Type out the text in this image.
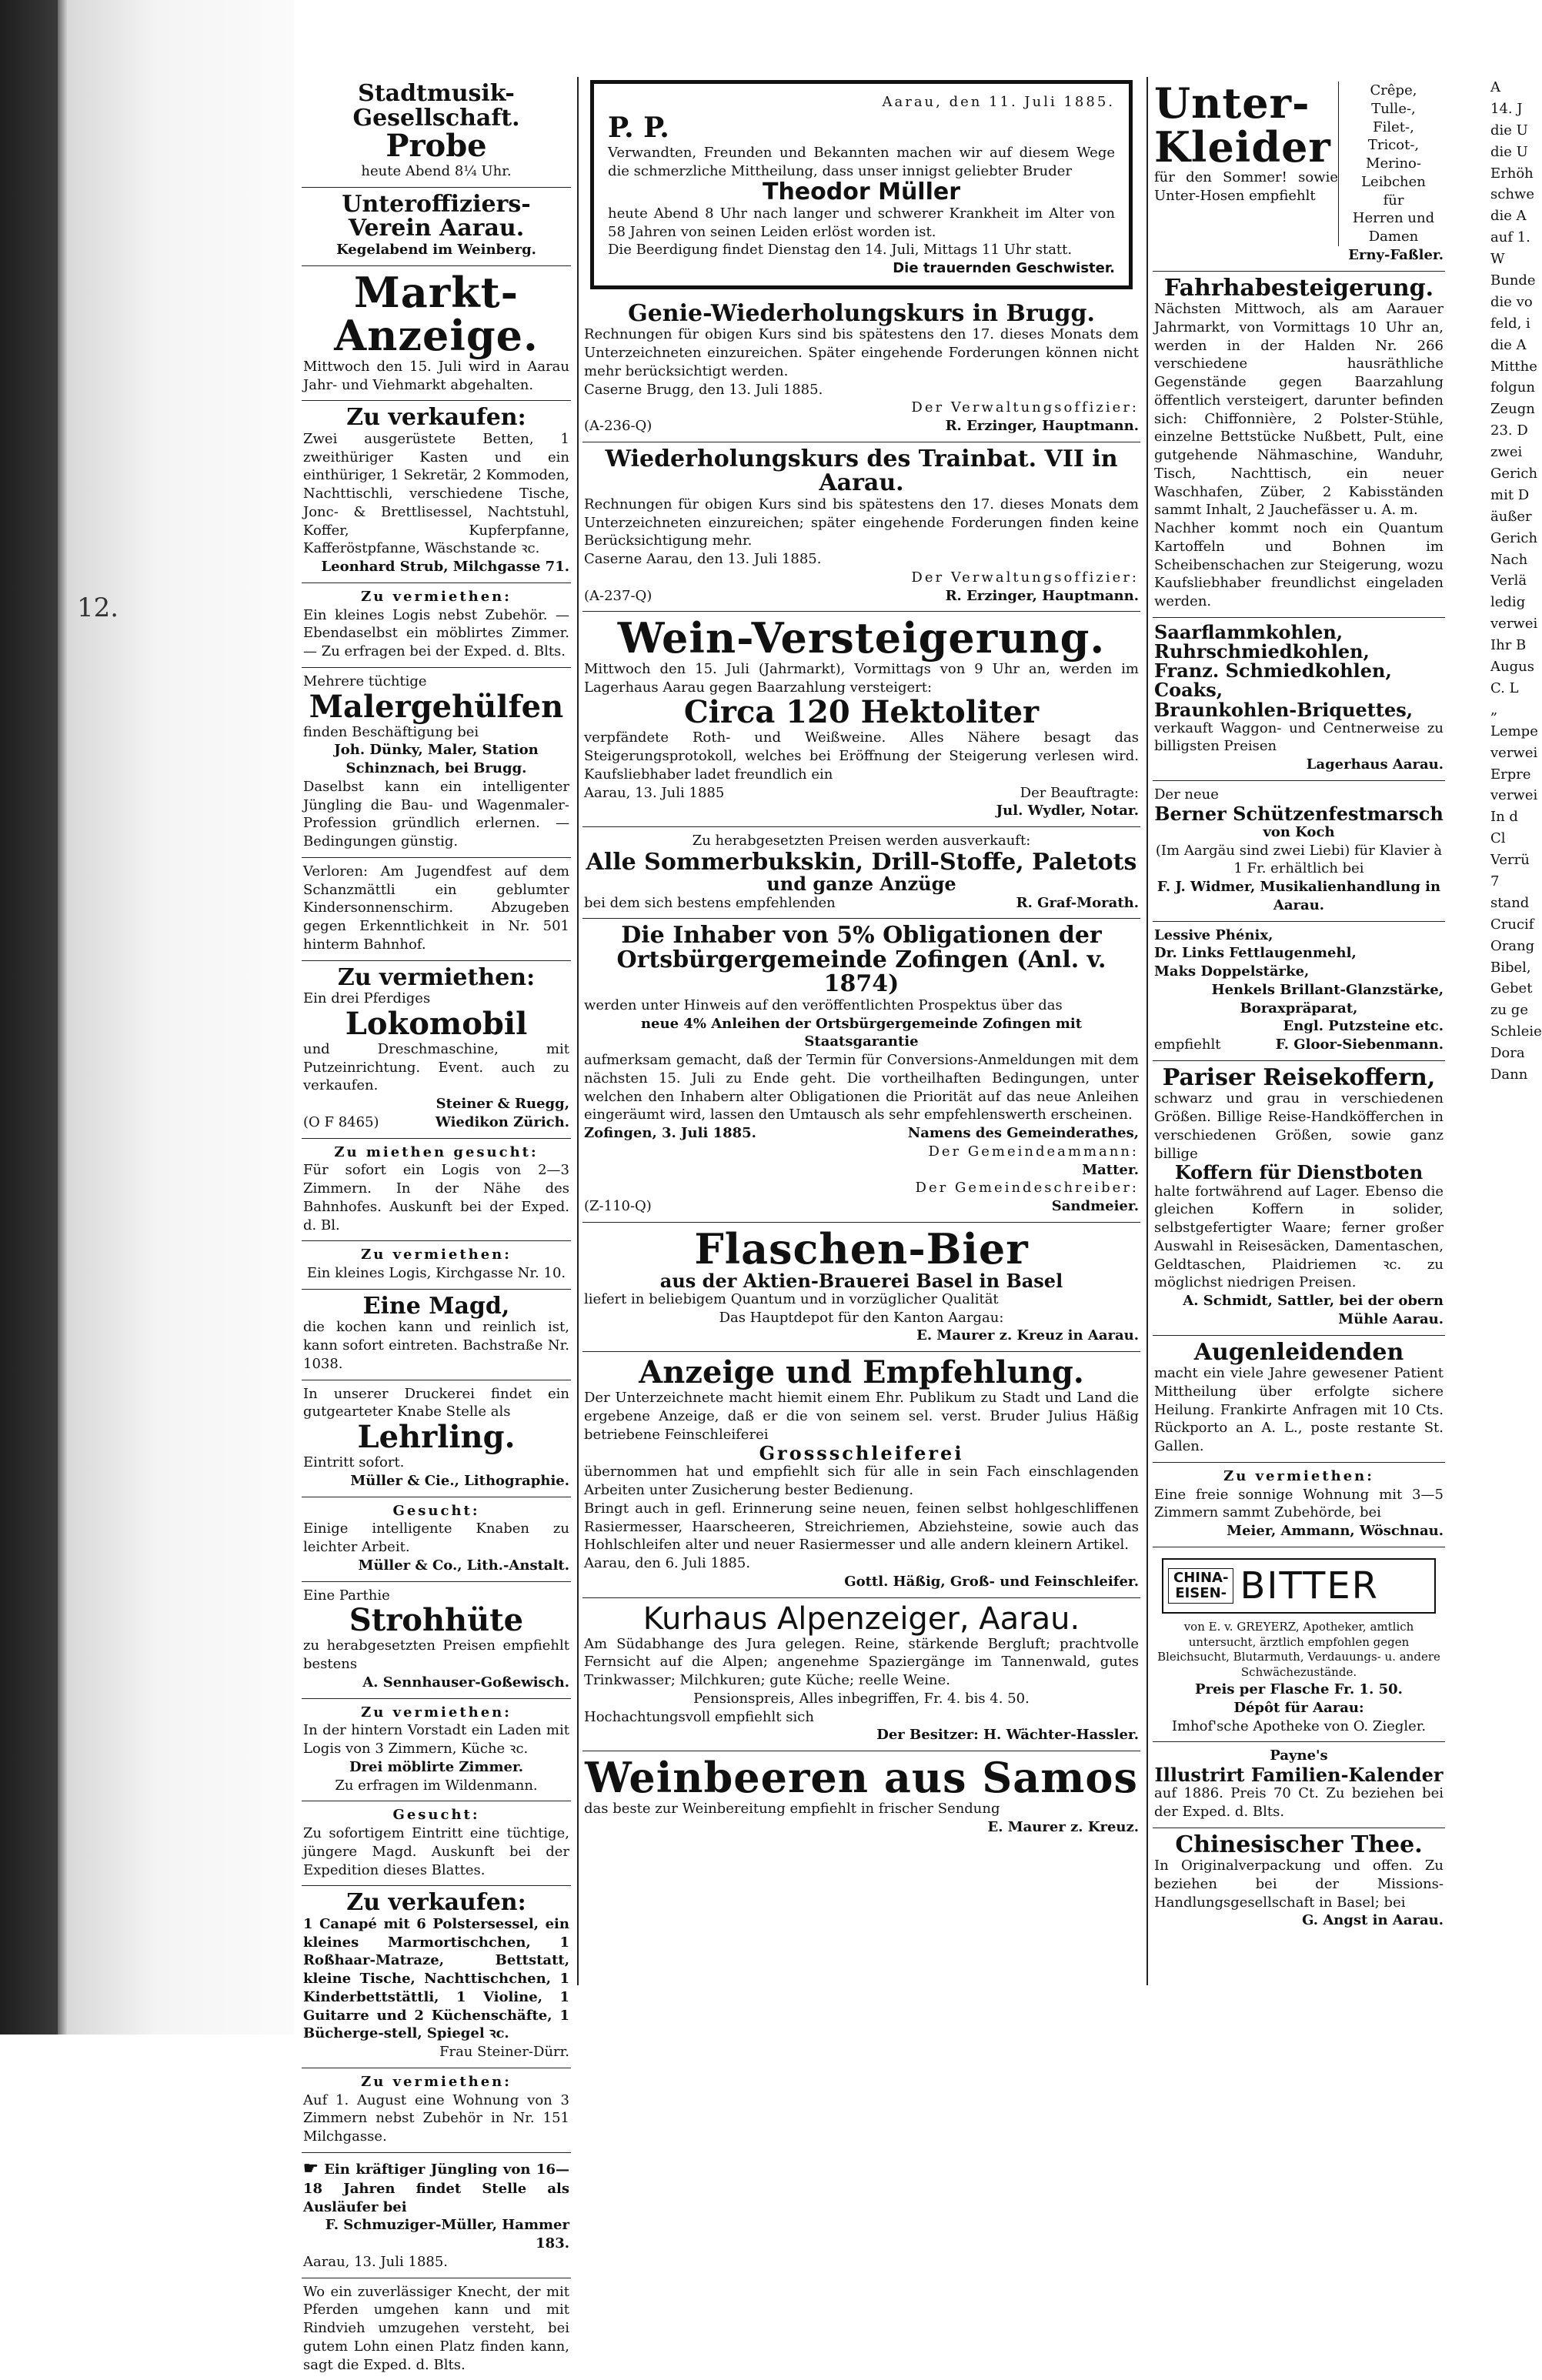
12.
Stadtmusik-Gesellschaft.
Probe
heute Abend 8¼ Uhr.
Unteroffiziers-Verein Aarau.
Kegelabend im Weinberg.
Markt-Anzeige.
Mittwoch den 15. Juli wird in Aarau Jahr- und Viehmarkt abgehalten.
Zu verkaufen:
Zwei ausgerüstete Betten, 1 zweithüriger Kasten und ein einthüriger, 1 Sekretär, 2 Kommoden, Nachttischli, verschiedene Tische, Jonc- & Brettlisessel, Nachtstuhl, Koffer, Kupferpfanne, Kafferöstpfanne, Wäschstande ꝛc.
Leonhard Strub, Milchgasse 71.
Zu vermiethen:
Ein kleines Logis nebst Zubehör. — Ebendaselbst ein möblirtes Zimmer. — Zu erfragen bei der Exped. d. Blts.
Mehrere tüchtige
Malergehülfen
finden Beschäftigung bei
Joh. Dünky, Maler, Station Schinznach, bei Brugg.
Daselbst kann ein intelligenter Jüngling die Bau- und Wagenmaler-Profession gründlich erlernen. — Bedingungen günstig.
Verloren: Am Jugendfest auf dem Schanzmättli ein geblumter Kindersonnenschirm. Abzugeben gegen Erkenntlichkeit in Nr. 501 hinterm Bahnhof.
Zu vermiethen:
Ein drei Pferdiges
Lokomobil
und Dreschmaschine, mit Putzeinrichtung. Event. auch zu verkaufen.
Steiner & Ruegg,
(O F 8465)	Wiedikon Zürich.
Zu miethen gesucht:
Für sofort ein Logis von 2—3 Zimmern. In der Nähe des Bahnhofes. Auskunft bei der Exped. d. Bl.
Zu vermiethen:
Ein kleines Logis, Kirchgasse Nr. 10.
Eine Magd,
die kochen kann und reinlich ist, kann sofort eintreten. Bachstraße Nr. 1038.
In unserer Druckerei findet ein gutgearteter Knabe Stelle als
Lehrling.
Eintritt sofort.
Müller & Cie., Lithographie.
Gesucht:
Einige intelligente Knaben zu leichter Arbeit.
Müller & Co., Lith.-Anstalt.
Eine Parthie
Strohhüte
zu herabgesetzten Preisen empfiehlt bestens
A. Sennhauser-Goßewisch.
Zu vermiethen:
In der hintern Vorstadt ein Laden mit Logis von 3 Zimmern, Küche ꝛc.
Drei möblirte Zimmer.
Zu erfragen im Wildenmann.
Gesucht:
Zu sofortigem Eintritt eine tüchtige, jüngere Magd. Auskunft bei der Expedition dieses Blattes.
Zu verkaufen:
1 Canapé mit 6 Polstersessel, ein kleines Marmortischchen, 1 Roßhaar-Matraze, Bettstatt, kleine Tische, Nachttischchen, 1 Kinderbettstättli, 1 Violine, 1 Guitarre und 2 Küchenschäfte, 1 Bücherge-stell, Spiegel ꝛc.
Frau Steiner-Dürr.
Zu vermiethen:
Auf 1. August eine Wohnung von 3 Zimmern nebst Zubehör in Nr. 151 Milchgasse.
☛ Ein kräftiger Jüngling von 16—18 Jahren findet Stelle als Ausläufer bei
F. Schmuziger-Müller, Hammer 183.
Aarau, 13. Juli 1885.
Wo ein zuverlässiger Knecht, der mit Pferden umgehen kann und mit Rindvieh umzugehen versteht, bei gutem Lohn einen Platz finden kann, sagt die Exped. d. Blts.
Aarau, den 11. Juli 1885.
P. P.
Verwandten, Freunden und Bekannten machen wir auf diesem Wege die schmerzliche Mittheilung, dass unser innigst geliebter Bruder
Theodor Müller
heute Abend 8 Uhr nach langer und schwerer Krankheit im Alter von 58 Jahren von seinen Leiden erlöst worden ist.
Die Beerdigung findet Dienstag den 14. Juli, Mittags 11 Uhr statt.
Die trauernden Geschwister.
Genie-Wiederholungskurs in Brugg.
Rechnungen für obigen Kurs sind bis spätestens den 17. dieses Monats dem Unterzeichneten einzureichen. Später eingehende Forderungen können nicht mehr berücksichtigt werden.
Caserne Brugg, den 13. Juli 1885.
Der Verwaltungsoffizier:
(A-236-Q)	R. Erzinger, Hauptmann.
Wiederholungskurs des Trainbat. VII in Aarau.
Rechnungen für obigen Kurs sind bis spätestens den 17. dieses Monats dem Unterzeichneten einzureichen; später eingehende Forderungen finden keine Berücksichtigung mehr.
Caserne Aarau, den 13. Juli 1885.
Der Verwaltungsoffizier:
(A-237-Q)	R. Erzinger, Hauptmann.
Wein-Versteigerung.
Mittwoch den 15. Juli (Jahrmarkt), Vormittags von 9 Uhr an, werden im Lagerhaus Aarau gegen Baarzahlung versteigert:
Circa 120 Hektoliter
verpfändete Roth- und Weißweine. Alles Nähere besagt das Steigerungsprotokoll, welches bei Eröffnung der Steigerung verlesen wird. Kaufsliebhaber ladet freundlich ein
Aarau, 13. Juli 1885	Der Beauftragte:
Jul. Wydler, Notar.
Zu herabgesetzten Preisen werden ausverkauft:
Alle Sommerbukskin, Drill-Stoffe, Paletots
und ganze Anzüge
bei dem sich bestens empfehlenden	R. Graf-Morath.
Die Inhaber von 5% Obligationen der Ortsbürgergemeinde Zofingen (Anl. v. 1874)
werden unter Hinweis auf den veröffentlichten Prospektus über das
neue 4% Anleihen der Ortsbürgergemeinde Zofingen mit Staatsgarantie
aufmerksam gemacht, daß der Termin für Conversions-Anmeldungen mit dem nächsten 15. Juli zu Ende geht. Die vortheilhaften Bedingungen, unter welchen den Inhabern alter Obligationen die Priorität auf das neue Anleihen eingeräumt wird, lassen den Umtausch als sehr empfehlenswerth erscheinen.
Zofingen, 3. Juli 1885.	Namens des Gemeinderathes,
Der Gemeindeammann:
Matter.
Der Gemeindeschreiber:
(Z-110-Q)	Sandmeier.
Flaschen-Bier
aus der Aktien-Brauerei Basel in Basel
liefert in beliebigem Quantum und in vorzüglicher Qualität
Das Hauptdepot für den Kanton Aargau:
E. Maurer z. Kreuz in Aarau.
Anzeige und Empfehlung.
Der Unterzeichnete macht hiemit einem Ehr. Publikum zu Stadt und Land die ergebene Anzeige, daß er die von seinem sel. verst. Bruder Julius Häßig betriebene Feinschleiferei
Grossschleiferei
übernommen hat und empfiehlt sich für alle in sein Fach einschlagenden Arbeiten unter Zusicherung bester Bedienung.
Bringt auch in gefl. Erinnerung seine neuen, feinen selbst hohlgeschliffenen Rasiermesser, Haarscheeren, Streichriemen, Abziehsteine, sowie auch das Hohlschleifen alter und neuer Rasiermesser und alle andern kleinern Artikel.
Aarau, den 6. Juli 1885.
Gottl. Häßig, Groß- und Feinschleifer.
Kurhaus Alpenzeiger, Aarau.
Am Südabhange des Jura gelegen. Reine, stärkende Bergluft; prachtvolle Fernsicht auf die Alpen; angenehme Spaziergänge im Tannenwald, gutes Trinkwasser; Milchkuren; gute Küche; reelle Weine.
Pensionspreis, Alles inbegriffen, Fr. 4. bis 4. 50.
Hochachtungsvoll empfiehlt sich
Der Besitzer: H. Wächter-Hassler.
Weinbeeren aus Samos
das beste zur Weinbereitung empfiehlt in frischer Sendung
E. Maurer z. Kreuz.
Unter-
Kleider
für den Sommer! sowie Unter-Hosen empfiehlt
Crêpe,
Tulle-,
Filet-,
Tricot-,
Merino-
Leibchen
für
Herren und
Damen
Erny-Faßler.
Fahrhabesteigerung.
Nächsten Mittwoch, als am Aarauer Jahrmarkt, von Vormittags 10 Uhr an, werden in der Halden Nr. 266 verschiedene hausräthliche Gegenstände gegen Baarzahlung öffentlich versteigert, darunter befinden sich: Chiffonnière, 2 Polster-Stühle, einzelne Bettstücke Nußbett, Pult, eine gutgehende Nähmaschine, Wanduhr, Tisch, Nachttisch, ein neuer Waschhafen, Züber, 2 Kabisständen sammt Inhalt, 2 Jauchefässer u. A. m.
Nachher kommt noch ein Quantum Kartoffeln und Bohnen im Scheibenschachen zur Steigerung, wozu Kaufsliebhaber freundlichst eingeladen werden.
Saarflammkohlen,
Ruhrschmiedkohlen,
Franz. Schmiedkohlen,
Coaks,
Braunkohlen-Briquettes,
verkauft Waggon- und Centnerweise zu billigsten Preisen
Lagerhaus Aarau.
Der neue
Berner Schützenfestmarsch
von Koch
(Im Aargäu sind zwei Liebi) für Klavier à 1 Fr. erhältlich bei
F. J. Widmer, Musikalienhandlung in Aarau.
Lessive Phénix,
Dr. Links Fettlaugenmehl,
Maks Doppelstärke,
Henkels Brillant-Glanzstärke,
Boraxpräparat,
Engl. Putzsteine etc.
empfiehlt	F. Gloor-Siebenmann.
Pariser Reisekoffern,
schwarz und grau in verschiedenen Größen. Billige Reise-Handköfferchen in verschiedenen Größen, sowie ganz billige
Koffern für Dienstboten
halte fortwährend auf Lager. Ebenso die gleichen Koffern in solider, selbstgefertigter Waare; ferner großer Auswahl in Reisesäcken, Damentaschen, Geldtaschen, Plaidriemen ꝛc. zu möglichst niedrigen Preisen.
A. Schmidt, Sattler, bei der obern Mühle Aarau.
Augenleidenden
macht ein viele Jahre gewesener Patient Mittheilung über erfolgte sichere Heilung. Frankirte Anfragen mit 10 Cts. Rückporto an A. L., poste restante St. Gallen.
Zu vermiethen:
Eine freie sonnige Wohnung mit 3—5 Zimmern sammt Zubehörde, bei
Meier, Ammann, Wöschnau.
CHINA-
EISEN- BITTER
von E. v. GREYERZ, Apotheker, amtlich untersucht, ärztlich empfohlen gegen Bleichsucht, Blutarmuth, Verdauungs- u. andere Schwächezustände.
Preis per Flasche Fr. 1. 50.
Dépôt für Aarau:
Imhof'sche Apotheke von O. Ziegler.
Payne's
Illustrirt Familien-Kalender
auf 1886. Preis 70 Ct. Zu beziehen bei der Exped. d. Blts.
Chinesischer Thee.
In Originalverpackung und offen. Zu beziehen bei der Missions-Handlungsgesellschaft in Basel; bei
G. Angst in Aarau.
A
14. J
die U
die U
Erhöh
schwe
die A
auf 1.
W
Bunde
die vo
feld, i
die A
Mitthe
folgun
Zeugn
23. D
zwei
Gerich
mit D
äußer
Gerich
Nach
Verlä
ledig
verwei
Ihr B
Augus
C. L
„
Lempe
verwei
Erpre
verwei
In d
Cl
Verrü
7
stand
Crucif
Orang
Bibel,
Gebet
zu ge
Schleie
Dora
Dann
